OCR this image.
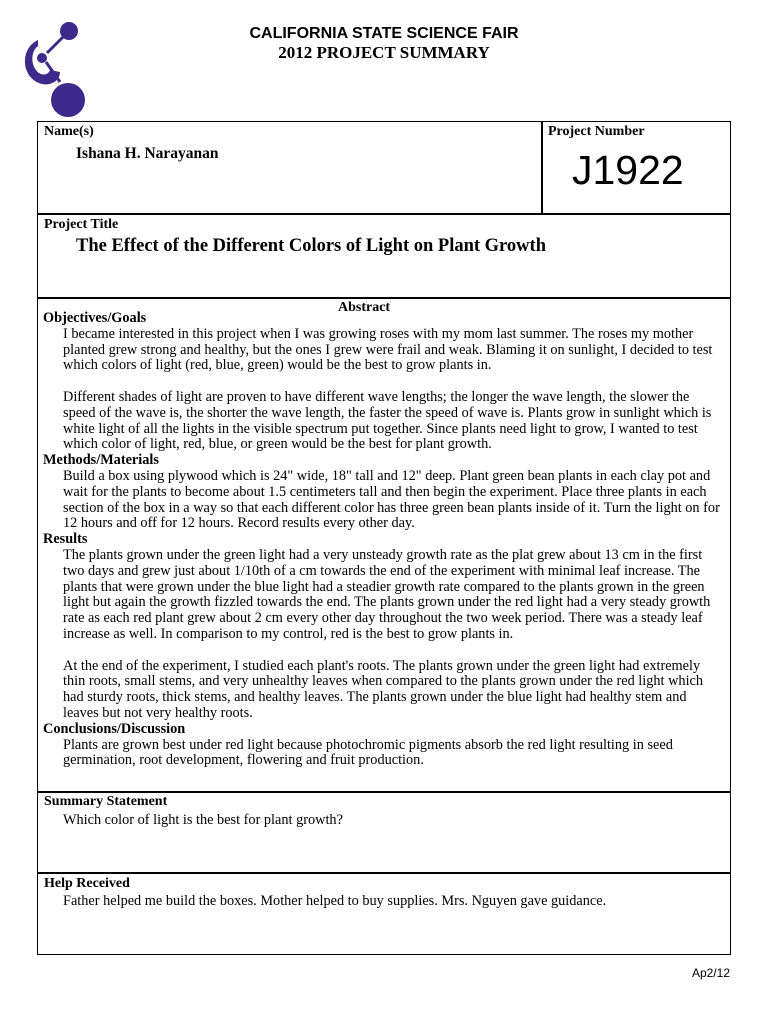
CALIFORNIA STATE SCIENCE FAIR
2012 PROJECT SUMMARY
Name(s)
Ishana H. Narayanan
Project Number
J1922
Project Title
The Effect of the Different Colors of Light on Plant Growth
Abstract
Objectives/Goals
I became interested in this project when I was growing roses with my mom last summer. The roses my mother planted grew strong and healthy, but the ones I grew were frail and weak. Blaming it on sunlight, I decided to test which colors of light (red, blue, green) would be the best to grow plants in.
Different shades of light are proven to have different wave lengths; the longer the wave length, the slower the speed of the wave is, the shorter the wave length, the faster the speed of wave is. Plants grow in sunlight which is white light of all the lights in the visible spectrum put together. Since plants need light to grow, I wanted to test which color of light, red, blue, or green would be the best for plant growth.
Methods/Materials
Build a box using plywood which is 24" wide, 18" tall and 12" deep. Plant green bean plants in each clay pot and wait for the plants to become about 1.5 centimeters tall and then begin the experiment. Place three plants in each section of the box in a way so that each different color has three green bean plants inside of it. Turn the light on for 12 hours and off for 12 hours. Record results every other day.
Results
The plants grown under the green light had a very unsteady growth rate as the plat grew about 13 cm in the first two days and grew just about 1/10th of a cm towards the end of the experiment with minimal leaf increase. The plants that were grown under the blue light had a steadier growth rate compared to the plants grown in the green light but again the growth fizzled towards the end. The plants grown under the red light had a very steady growth rate as each red plant grew about 2 cm every other day throughout the two week period. There was a steady leaf increase as well. In comparison to my control, red is the best to grow plants in.
At the end of the experiment, I studied each plant's roots. The plants grown under the green light had extremely thin roots, small stems, and very unhealthy leaves when compared to the plants grown under the red light which had sturdy roots, thick stems, and healthy leaves. The plants grown under the blue light had healthy stem and leaves but not very healthy roots.
Conclusions/Discussion
Plants are grown best under red light because photochromic pigments absorb the red light resulting in seed germination, root development, flowering and fruit production.
Summary Statement
Which color of light is the best for plant growth?
Help Received
Father helped me build the boxes. Mother helped to buy supplies. Mrs. Nguyen gave guidance.
Ap2/12
